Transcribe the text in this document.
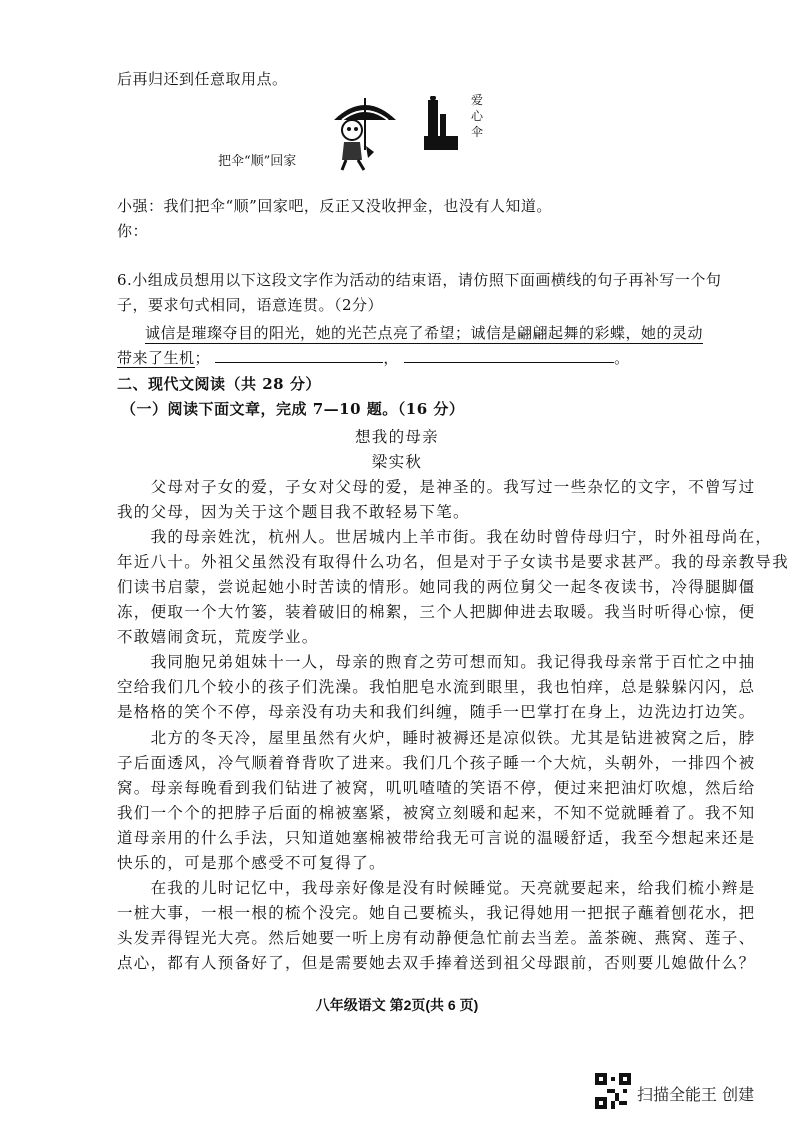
后再归还到任意取用点。
爱
心
伞
把伞“顺”回家
小强：我们把伞“顺”回家吧，反正又没收押金，也没有人知道。
你：
6.小组成员想用以下这段文字作为活动的结束语，请仿照下面画横线的句子再补写一个句
子，要求句式相同，语意连贯。（2分）
诚信是璀璨夺目的阳光，她的光芒点亮了希望；诚信是翩翩起舞的彩蝶，她的灵动
带来了生机；	，	。
二、现代文阅读（共 28 分）
（一）阅读下面文章，完成 7—10 题。（16 分）
想我的母亲
梁实秋
　　父母对子女的爱，子女对父母的爱，是神圣的。我写过一些杂忆的文字，不曾写过
我的父母，因为关于这个题目我不敢轻易下笔。
　　我的母亲姓沈，杭州人。世居城内上羊市街。我在幼时曾侍母归宁，时外祖母尚在，
年近八十。外祖父虽然没有取得什么功名，但是对于子女读书是要求甚严。我的母亲教导我
们读书启蒙，尝说起她小时苦读的情形。她同我的两位舅父一起冬夜读书，冷得腿脚僵
冻，便取一个大竹篓，装着破旧的棉絮，三个人把脚伸进去取暖。我当时听得心惊，便
不敢嬉闹贪玩，荒废学业。
　　我同胞兄弟姐妹十一人，母亲的煦育之劳可想而知。我记得我母亲常于百忙之中抽
空给我们几个较小的孩子们洗澡。我怕肥皂水流到眼里，我也怕痒，总是躲躲闪闪，总
是格格的笑个不停，母亲没有功夫和我们纠缠，随手一巴掌打在身上，边洗边打边笑。
　　北方的冬天冷，屋里虽然有火炉，睡时被褥还是凉似铁。尤其是钻进被窝之后，脖
子后面透风，冷气顺着脊背吹了进来。我们几个孩子睡一个大炕，头朝外，一排四个被
窝。母亲每晚看到我们钻进了被窝，叽叽喳喳的笑语不停，便过来把油灯吹熄，然后给
我们一个个的把脖子后面的棉被塞紧，被窝立刻暖和起来，不知不觉就睡着了。我不知
道母亲用的什么手法，只知道她塞棉被带给我无可言说的温暖舒适，我至今想起来还是
快乐的，可是那个感受不可复得了。
　　在我的儿时记忆中，我母亲好像是没有时候睡觉。天亮就要起来，给我们梳小辫是
一桩大事，一根一根的梳个没完。她自己要梳头，我记得她用一把抿子蘸着刨花水，把
头发弄得锃光大亮。然后她要一听上房有动静便急忙前去当差。盖茶碗、燕窝、莲子、
点心，都有人预备好了，但是需要她去双手捧着送到祖父母跟前，否则要儿媳做什么？
八年级语文 第2页(共 6 页)
扫描全能王 创建
